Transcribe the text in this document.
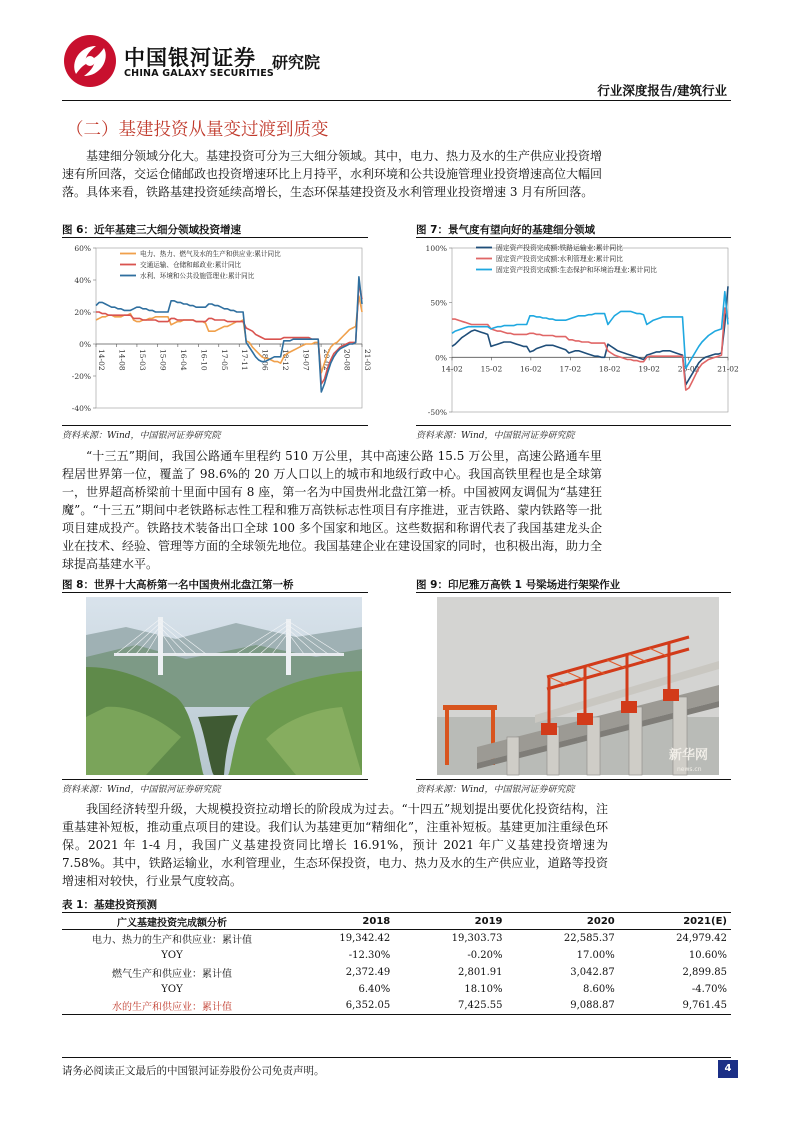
中国银河证券
CHINA GALAXY SECURITIES
研究院
行业深度报告/建筑行业
（二）基建投资从量变过渡到质变

基建细分领域分化大。基建投资可分为三大细分领域。其中，电力、热力及水的生产供应业投资增速有所回落，交运仓储邮政也投资增速环比上月持平，水利环境和公共设施管理业投资增速高位大幅回落。具体来看，铁路基建投资延续高增长，生态环保基建投资及水利管理业投资增速 3 月有所回落。

图 6：近年基建三大细分领域投资增速	图 7：景气度有望向好的基建细分领域
60%
40%
20%
0%
-20%
-40%
14-02 14-08 15-03 15-09 16-04 16-10 17-05 17-11 18-06 18-12 19-07 20-02 20-08 21-03
电力、热力、燃气及水的生产和供应业:累计同比
交通运输、仓储和邮政业:累计同比
水利、环境和公共设施管理业:累计同比
100%
50%
0%
-50%
14-02 15-02 16-02 17-02 18-02 19-02 20-02 21-02
固定资产投资完成额:铁路运输业:累计同比
固定资产投资完成额:水利管理业:累计同比
固定资产投资完成额:生态保护和环境治理业:累计同比
资料来源：Wind，中国银河证券研究院	资料来源：Wind，中国银河证券研究院

“十三五”期间，我国公路通车里程约 510 万公里，其中高速公路 15.5 万公里，高速公路通车里程居世界第一位，覆盖了 98.6%的 20 万人口以上的城市和地级行政中心。我国高铁里程也是全球第一，世界超高桥梁前十里面中国有 8 座，第一名为中国贵州北盘江第一桥。中国被网友调侃为“基建狂魔”。“十三五”期间中老铁路标志性工程和雅万高铁标志性项目有序推进，亚吉铁路、蒙内铁路等一批项目建成投产。铁路技术装备出口全球 100 多个国家和地区。这些数据和称谓代表了我国基建龙头企业在技术、经验、管理等方面的全球领先地位。我国基建企业在建设国家的同时，也积极出海，助力全球提高基建水平。

图 8：世界十大高桥第一名中国贵州北盘江第一桥	图 9：印尼雅万高铁 1 号梁场进行架梁作业
新华网
news.cn
资料来源：Wind，中国银河证券研究院	资料来源：Wind，中国银河证券研究院

我国经济转型升级，大规模投资拉动增长的阶段成为过去。“十四五”规划提出要优化投资结构，注重基建补短板，推动重点项目的建设。我们认为基建更加“精细化”，注重补短板。基建更加注重绿色环保。2021 年 1-4 月，我国广义基建投资同比增长 16.91%，预计 2021 年广义基建投资增速为 7.58%。其中，铁路运输业，水利管理业，生态环保投资，电力、热力及水的生产供应业，道路等投资增速相对较快，行业景气度较高。

表 1：基建投资预测
广义基建投资完成额分析	2018	2019	2020	2021(E)
电力、热力的生产和供应业：累计值	19,342.42	19,303.73	22,585.37	24,979.42
YOY	-12.30%	-0.20%	17.00%	10.60%
燃气生产和供应业：累计值	2,372.49	2,801.91	3,042.87	2,899.85
YOY	6.40%	18.10%	8.60%	-4.70%
水的生产和供应业：累计值	6,352.05	7,425.55	9,088.87	9,761.45
请务必阅读正文最后的中国银河证券股份公司免责声明。	4
